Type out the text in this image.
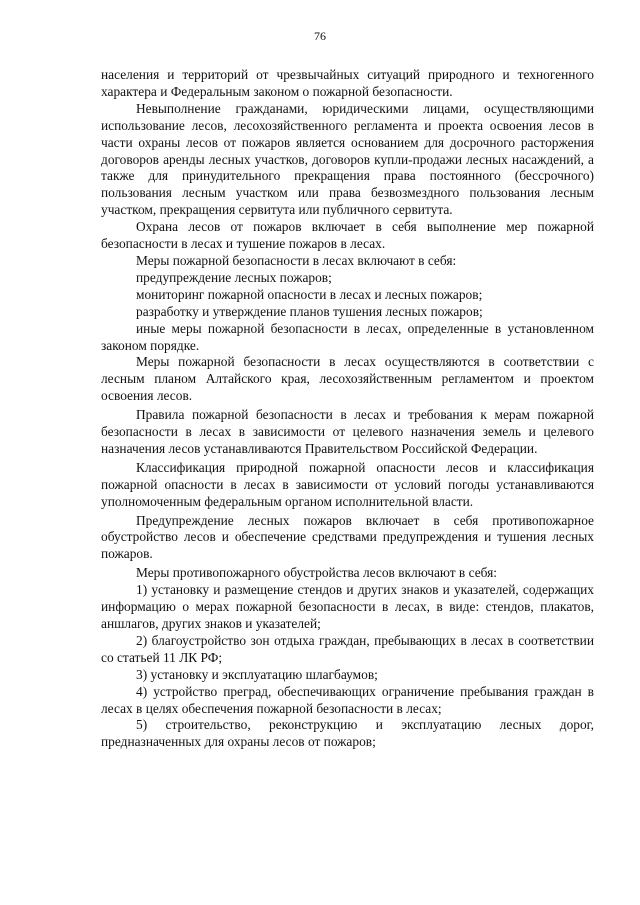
76

населения и территорий от чрезвычайных ситуаций природного и техногенного характера и Федеральным законом о пожарной безопасности.

Невыполнение гражданами, юридическими лицами, осуществляющими использование лесов, лесохозяйственного регламента и проекта освоения лесов в части охраны лесов от пожаров является основанием для досрочного расторжения договоров аренды лесных участков, договоров купли-продажи лесных насаждений, а также для принудительного прекращения права постоянного (бессрочного) пользования лесным участком или права безвозмездного пользования лесным участком, прекращения сервитута или публичного сервитута.

Охрана лесов от пожаров включает в себя выполнение мер пожарной безопасности в лесах и тушение пожаров в лесах.

Меры пожарной безопасности в лесах включают в себя:

предупреждение лесных пожаров;

мониторинг пожарной опасности в лесах и лесных пожаров;

разработку и утверждение планов тушения лесных пожаров;

иные меры пожарной безопасности в лесах, определенные в установленном законом порядке.

Меры пожарной безопасности в лесах осуществляются в соответствии с лесным планом Алтайского края, лесохозяйственным регламентом и проектом освоения лесов.

Правила пожарной безопасности в лесах и требования к мерам пожарной безопасности в лесах в зависимости от целевого назначения земель и целевого назначения лесов устанавливаются Правительством Российской Федерации.

Классификация природной пожарной опасности лесов и классификация пожарной опасности в лесах в зависимости от условий погоды устанавливаются уполномоченным федеральным органом исполнительной власти.

Предупреждение лесных пожаров включает в себя противопожарное обустройство лесов и обеспечение средствами предупреждения и тушения лесных пожаров.

Меры противопожарного обустройства лесов включают в себя:

1) установку и размещение стендов и других знаков и указателей, содержащих информацию о мерах пожарной безопасности в лесах, в виде: стендов, плакатов, аншлагов, других знаков и указателей;

2) благоустройство зон отдыха граждан, пребывающих в лесах в соответствии со статьей 11 ЛК РФ;

3) установку и эксплуатацию шлагбаумов;

4) устройство преград, обеспечивающих ограничение пребывания граждан в лесах в целях обеспечения пожарной безопасности в лесах;

5) строительство, реконструкцию и эксплуатацию лесных дорог, предназначенных для охраны лесов от пожаров;
